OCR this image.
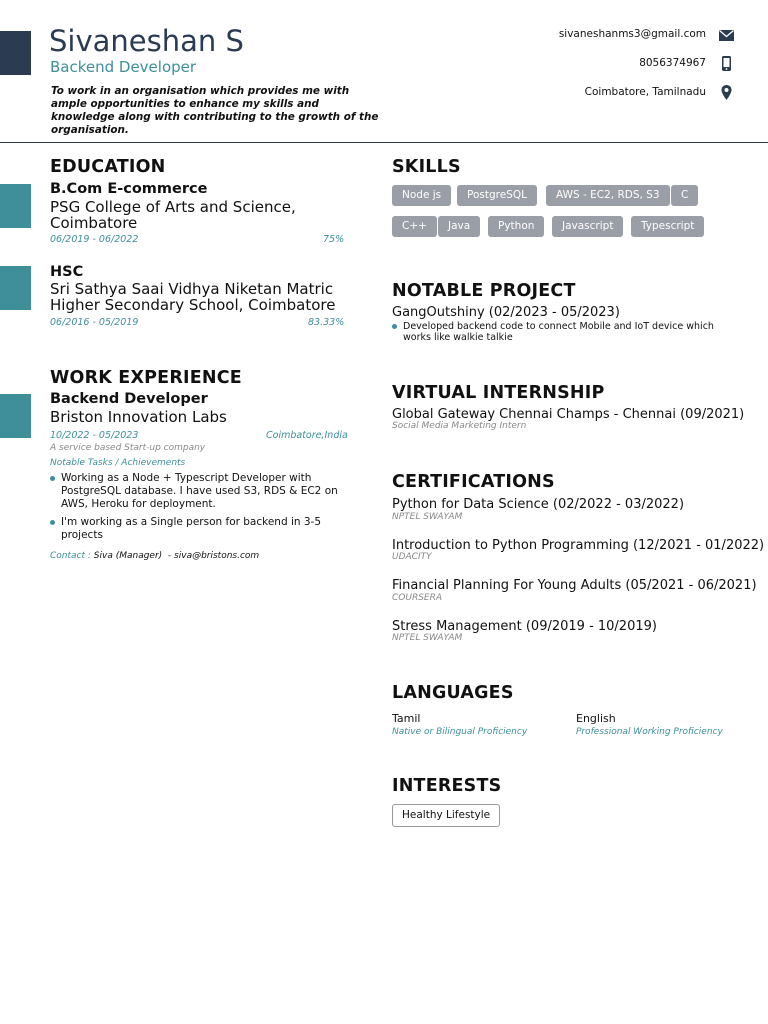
Sivaneshan S
Backend Developer
To work in an organisation which provides me with ample opportunities to enhance my skills and knowledge along with contributing to the growth of the organisation.
sivaneshanms3@gmail.com
8056374967
Coimbatore, Tamilnadu
EDUCATION
B.Com E-commerce
PSG College of Arts and Science, Coimbatore
06/2019 - 06/2022	75%
HSC
Sri Sathya Saai Vidhya Niketan Matric Higher Secondary School, Coimbatore
06/2016 - 05/2019	83.33%
WORK EXPERIENCE
Backend Developer
Briston Innovation Labs
10/2022 - 05/2023	Coimbatore,India
A service based Start-up company
Notable Tasks / Achievements
Working as a Node + Typescript Developer with PostgreSQL database. I have used S3, RDS & EC2 on AWS, Heroku for deployment.
I'm working as a Single person for backend in 3-5 projects
Contact : Siva (Manager) - siva@bristons.com
SKILLS
Node js	PostgreSQL	AWS - EC2, RDS, S3	C
C++	Java	Python	Javascript	Typescript
NOTABLE PROJECT
GangOutshiny (02/2023 - 05/2023)
Developed backend code to connect Mobile and IoT device which works like walkie talkie
VIRTUAL INTERNSHIP
Global Gateway Chennai Champs - Chennai (09/2021)
Social Media Marketing Intern
CERTIFICATIONS
Python for Data Science (02/2022 - 03/2022)
NPTEL SWAYAM
Introduction to Python Programming (12/2021 - 01/2022)
UDACITY
Financial Planning For Young Adults (05/2021 - 06/2021)
COURSERA
Stress Management (09/2019 - 10/2019)
NPTEL SWAYAM
LANGUAGES
Tamil
Native or Bilingual Proficiency
English
Professional Working Proficiency
INTERESTS
Healthy Lifestyle
